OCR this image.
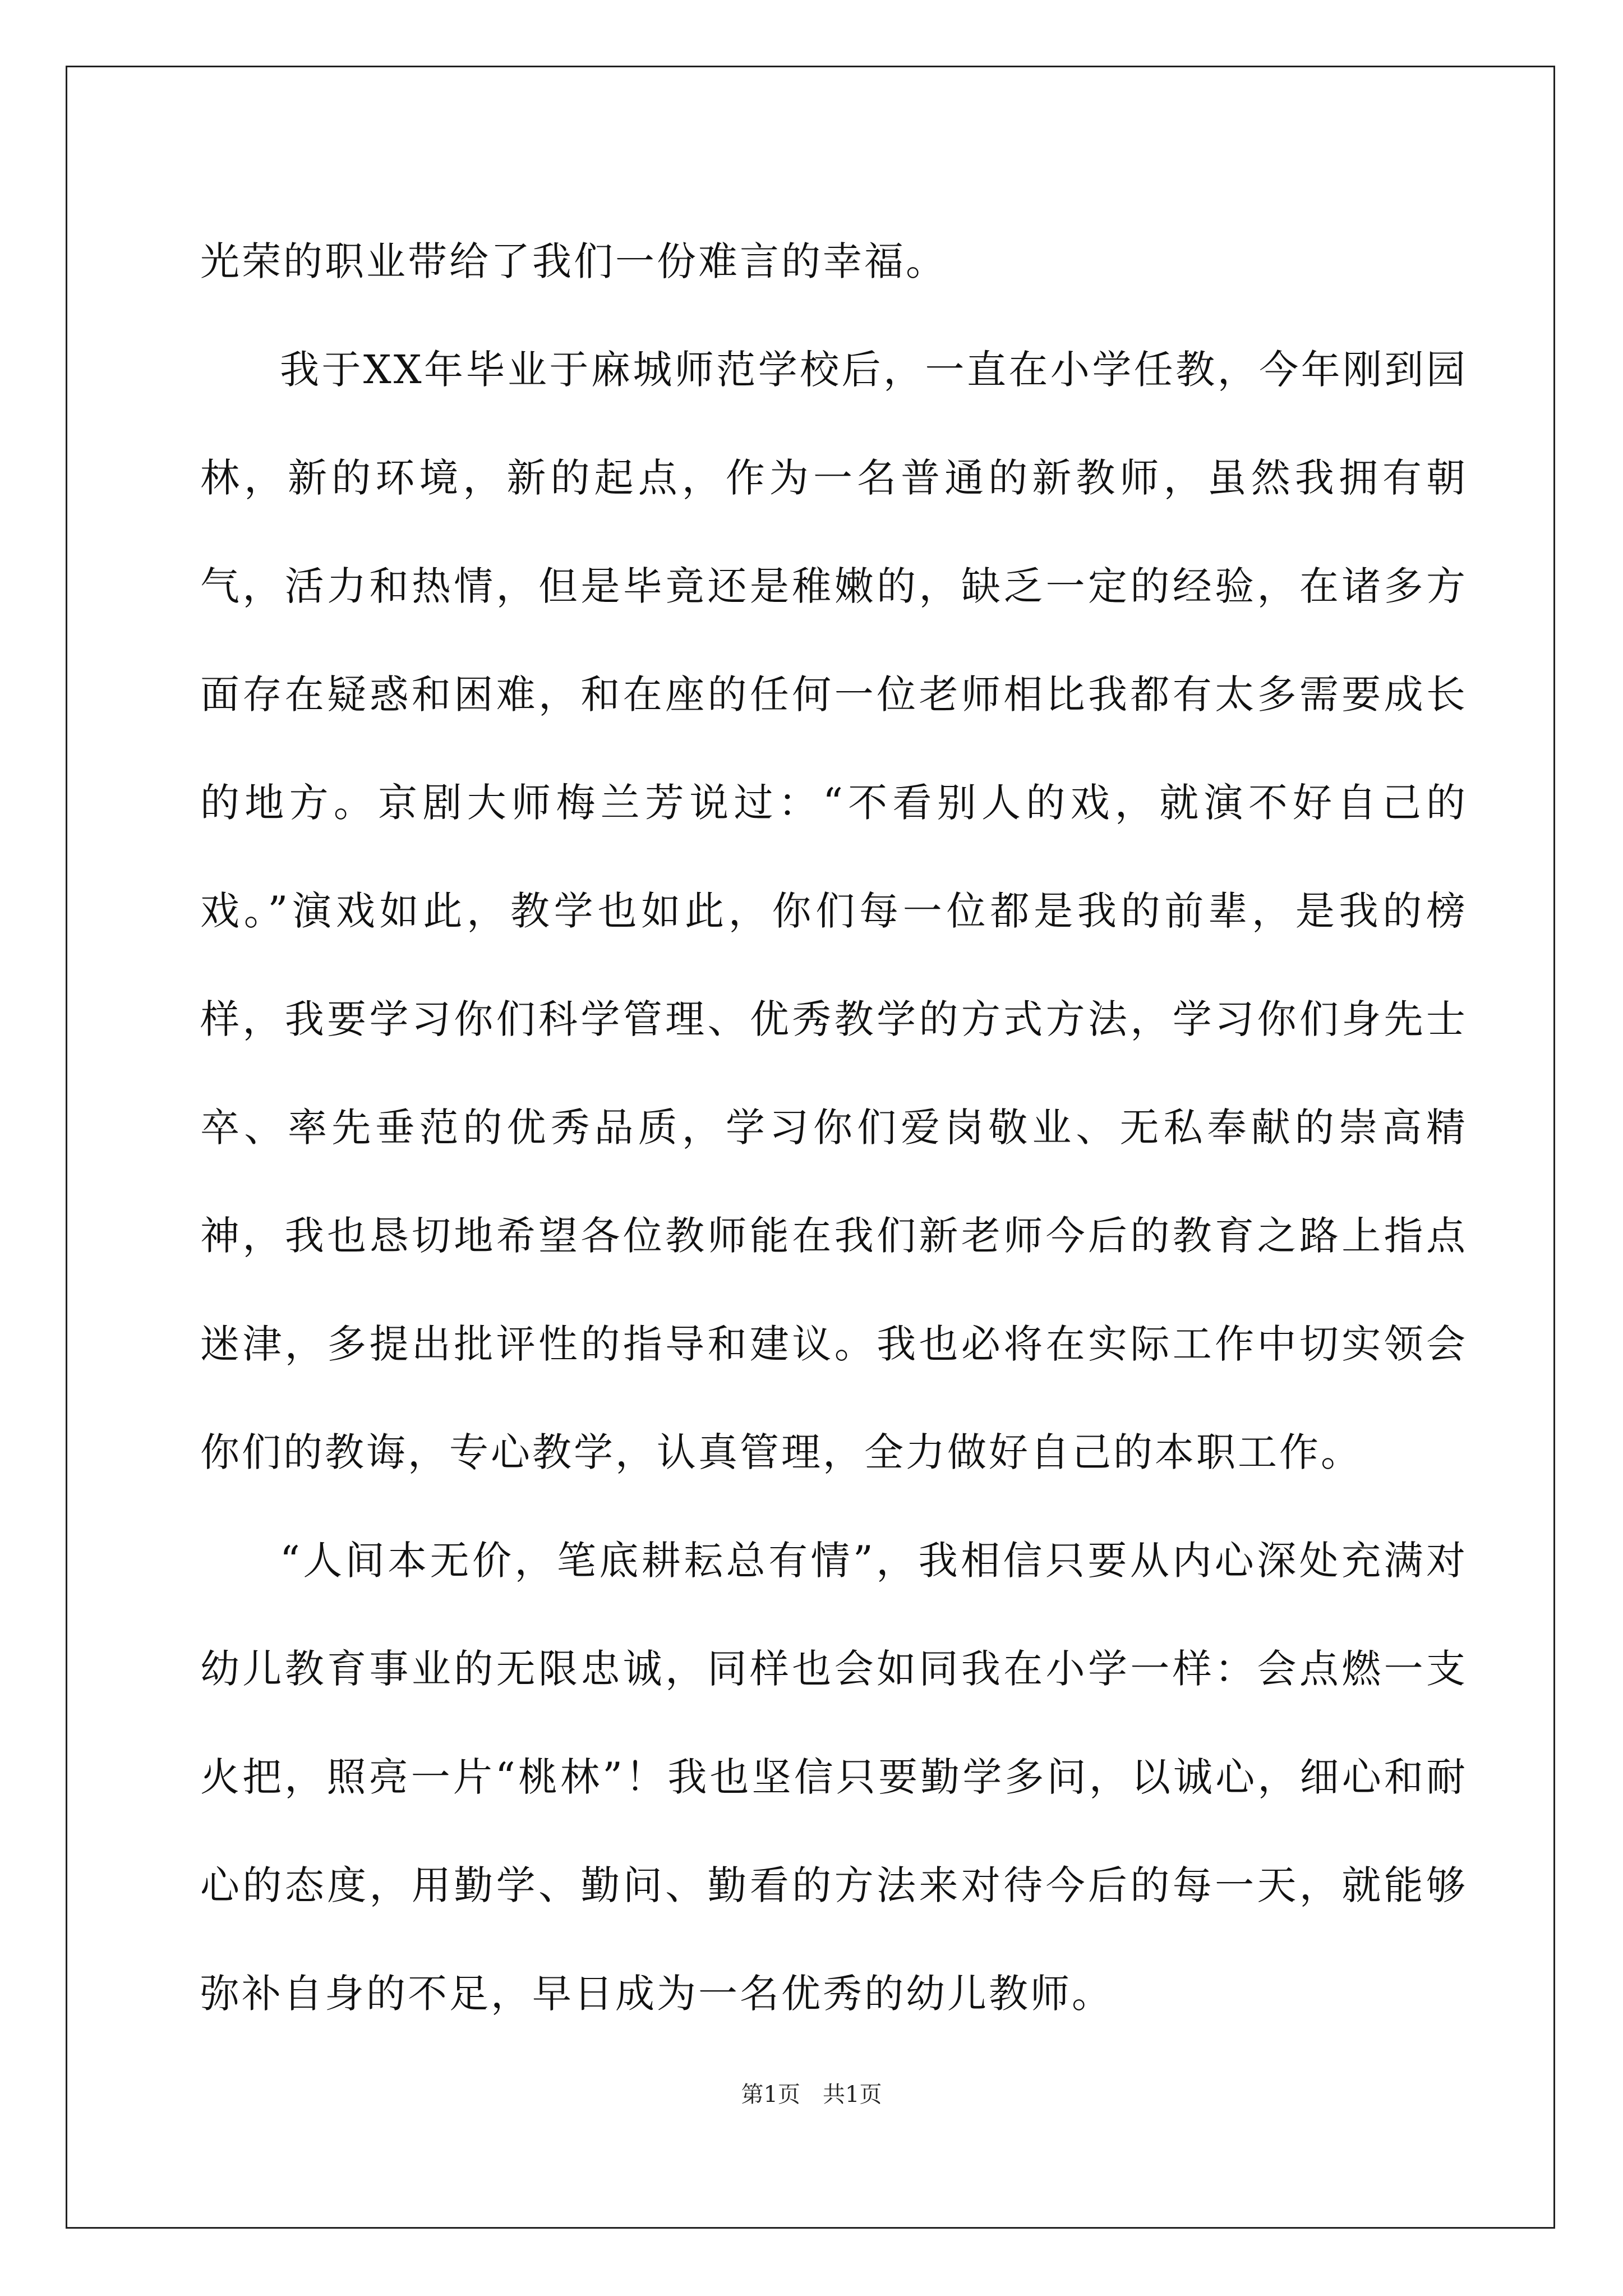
光荣的职业带给了我们一份难言的幸福。

我于XX年毕业于麻城师范学校后，一直在小学任教，今年刚到园林，新的环境，新的起点，作为一名普通的新教师，虽然我拥有朝气，活力和热情，但是毕竟还是稚嫩的，缺乏一定的经验，在诸多方面存在疑惑和困难，和在座的任何一位老师相比我都有太多需要成长的地方。京剧大师梅兰芳说过：“不看别人的戏，就演不好自己的戏。”演戏如此，教学也如此，你们每一位都是我的前辈，是我的榜样，我要学习你们科学管理、优秀教学的方式方法，学习你们身先士卒、率先垂范的优秀品质，学习你们爱岗敬业、无私奉献的崇高精神，我也恳切地希望各位教师能在我们新老师今后的教育之路上指点迷津，多提出批评性的指导和建议。我也必将在实际工作中切实领会你们的教诲，专心教学，认真管理，全力做好自己的本职工作。

“人间本无价，笔底耕耘总有情”，我相信只要从内心深处充满对幼儿教育事业的无限忠诚，同样也会如同我在小学一样：会点燃一支火把，照亮一片“桃林”！我也坚信只要勤学多问，以诚心，细心和耐心的态度，用勤学、勤问、勤看的方法来对待今后的每一天，就能够弥补自身的不足，早日成为一名优秀的幼儿教师。

第1页 共1页
